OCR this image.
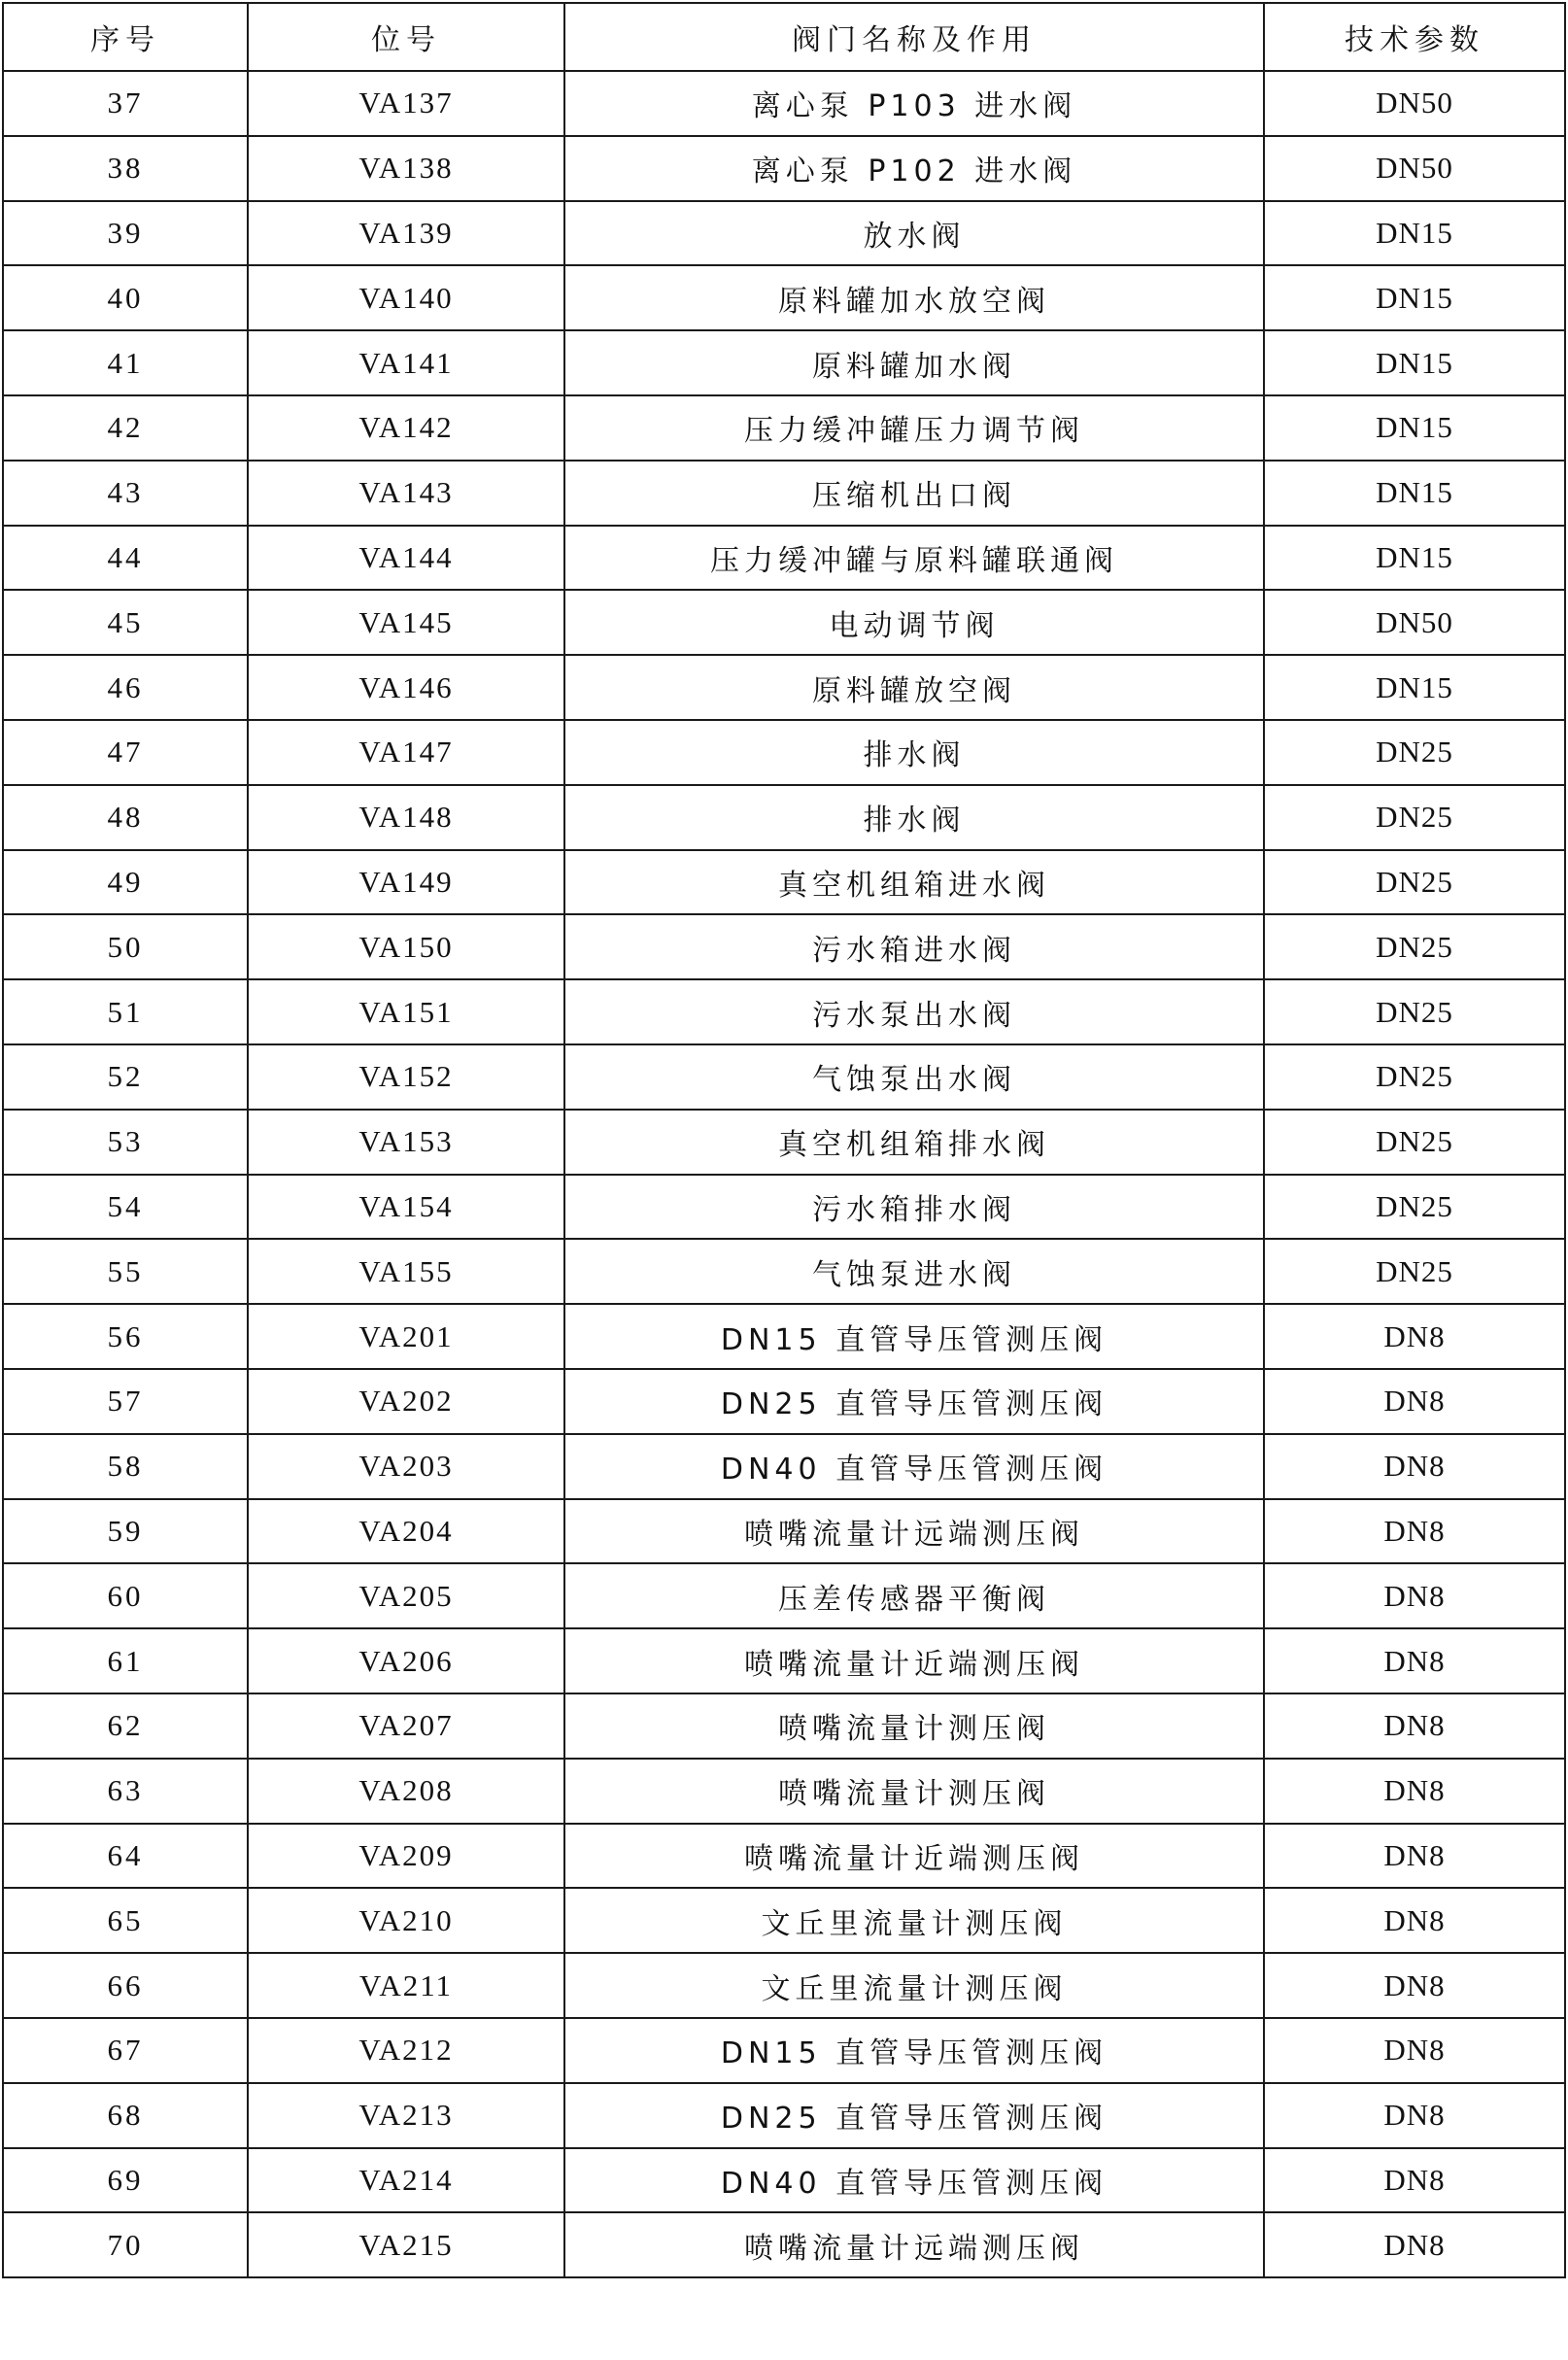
序号	位号	阀门名称及作用	技术参数
37	VA137	离心泵 P103 进水阀	DN50
38	VA138	离心泵 P102 进水阀	DN50
39	VA139	放水阀	DN15
40	VA140	原料罐加水放空阀	DN15
41	VA141	原料罐加水阀	DN15
42	VA142	压力缓冲罐压力调节阀	DN15
43	VA143	压缩机出口阀	DN15
44	VA144	压力缓冲罐与原料罐联通阀	DN15
45	VA145	电动调节阀	DN50
46	VA146	原料罐放空阀	DN15
47	VA147	排水阀	DN25
48	VA148	排水阀	DN25
49	VA149	真空机组箱进水阀	DN25
50	VA150	污水箱进水阀	DN25
51	VA151	污水泵出水阀	DN25
52	VA152	气蚀泵出水阀	DN25
53	VA153	真空机组箱排水阀	DN25
54	VA154	污水箱排水阀	DN25
55	VA155	气蚀泵进水阀	DN25
56	VA201	DN15 直管导压管测压阀	DN8
57	VA202	DN25 直管导压管测压阀	DN8
58	VA203	DN40 直管导压管测压阀	DN8
59	VA204	喷嘴流量计远端测压阀	DN8
60	VA205	压差传感器平衡阀	DN8
61	VA206	喷嘴流量计近端测压阀	DN8
62	VA207	喷嘴流量计测压阀	DN8
63	VA208	喷嘴流量计测压阀	DN8
64	VA209	喷嘴流量计近端测压阀	DN8
65	VA210	文丘里流量计测压阀	DN8
66	VA211	文丘里流量计测压阀	DN8
67	VA212	DN15 直管导压管测压阀	DN8
68	VA213	DN25 直管导压管测压阀	DN8
69	VA214	DN40 直管导压管测压阀	DN8
70	VA215	喷嘴流量计远端测压阀	DN8
